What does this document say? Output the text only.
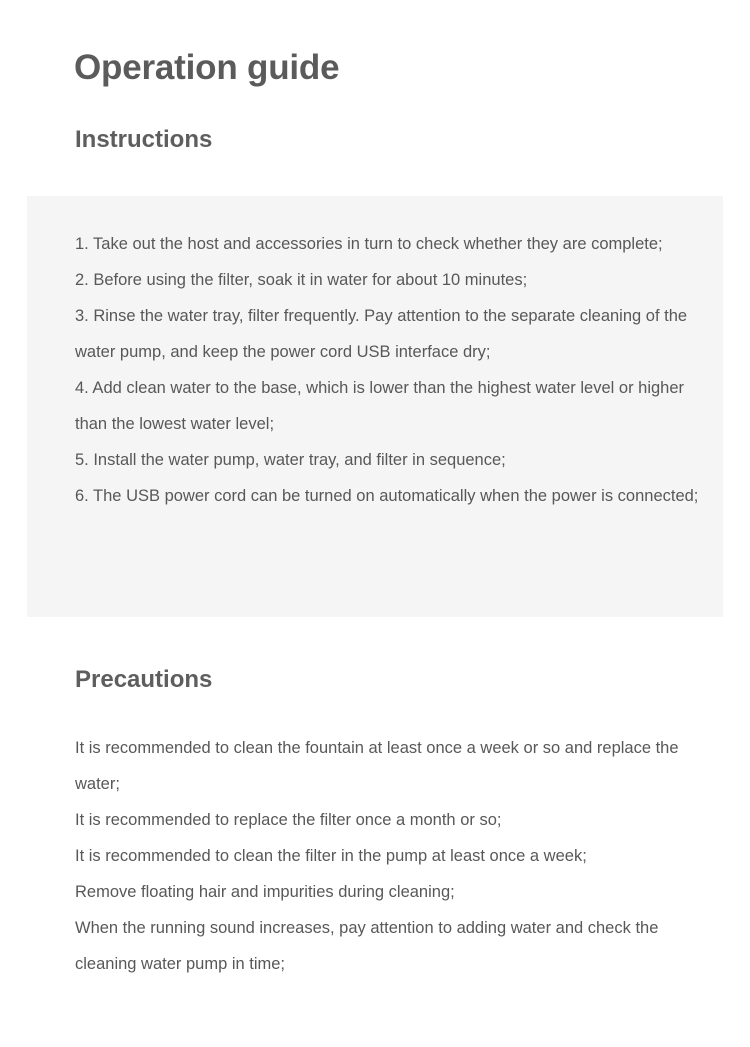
Operation guide
Instructions
1. Take out the host and accessories in turn to check whether they are complete;
2. Before using the filter, soak it in water for about 10 minutes;
3. Rinse the water tray, filter frequently. Pay attention to the separate cleaning of the water pump, and keep the power cord USB interface dry;
4. Add clean water to the base, which is lower than the highest water level or higher than the lowest water level;
5. Install the water pump, water tray, and filter in sequence;
6. The USB power cord can be turned on automatically when the power is connected;
Precautions
It is recommended to clean the fountain at least once a week or so and replace the water;
It is recommended to replace the filter once a month or so;
It is recommended to clean the filter in the pump at least once a week;
Remove floating hair and impurities during cleaning;
When the running sound increases, pay attention to adding water and check the cleaning water pump in time;
